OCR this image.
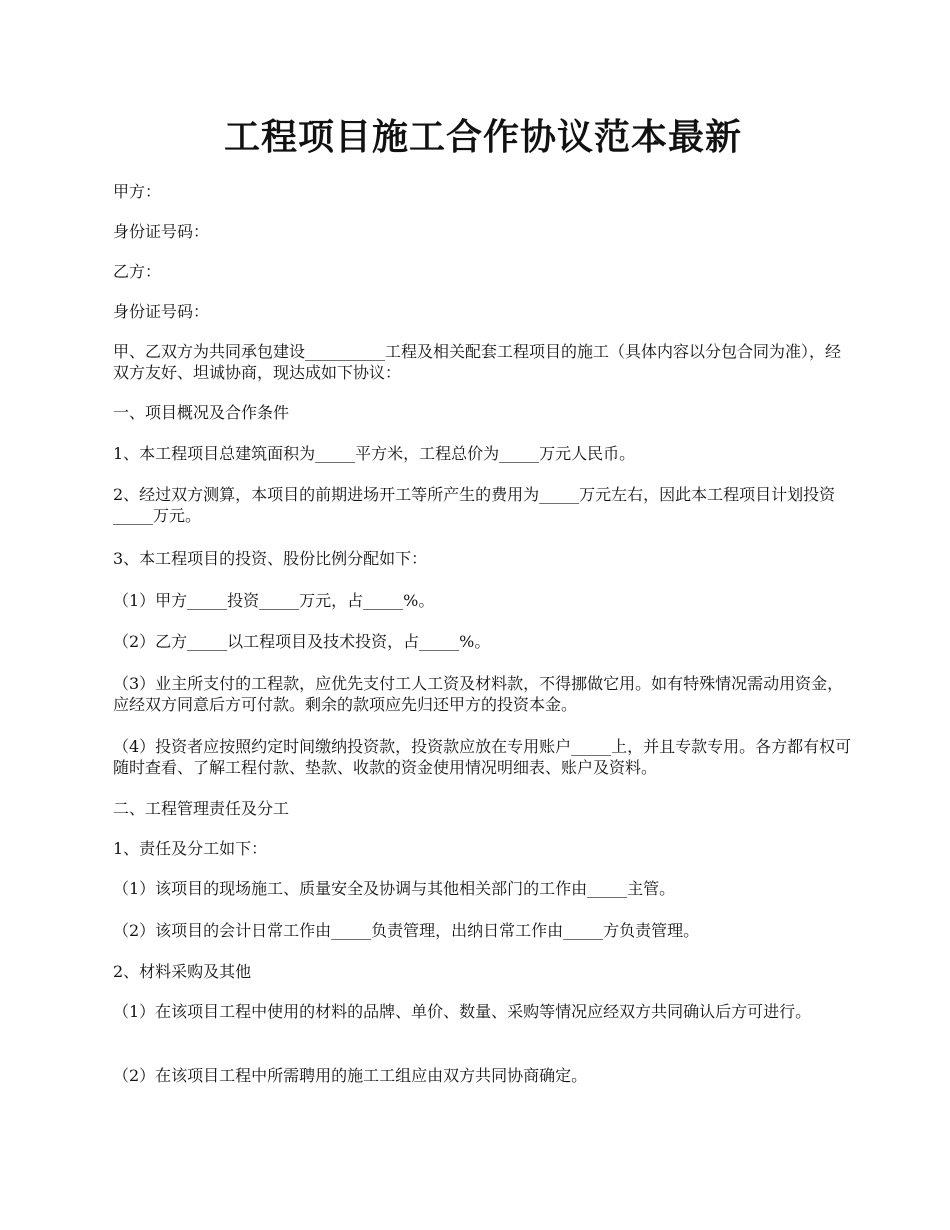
工程项目施工合作协议范本最新
甲方：
身份证号码：
乙方：
身份证号码：
甲、乙双方为共同承包建设__________工程及相关配套工程项目的施工（具体内容以分包合同为准），经双方友好、坦诚协商，现达成如下协议：
一、项目概况及合作条件
1、本工程项目总建筑面积为_____平方米，工程总价为_____万元人民币。
2、经过双方测算，本项目的前期进场开工等所产生的费用为_____万元左右，因此本工程项目计划投资_____万元。
3、本工程项目的投资、股份比例分配如下：
（1）甲方_____投资_____万元，占_____%。
（2）乙方_____以工程项目及技术投资，占_____%。
（3）业主所支付的工程款，应优先支付工人工资及材料款，不得挪做它用。如有特殊情况需动用资金，应经双方同意后方可付款。剩余的款项应先归还甲方的投资本金。
（4）投资者应按照约定时间缴纳投资款，投资款应放在专用账户_____上，并且专款专用。各方都有权可随时查看、了解工程付款、垫款、收款的资金使用情况明细表、账户及资料。
二、工程管理责任及分工
1、责任及分工如下：
（1）该项目的现场施工、质量安全及协调与其他相关部门的工作由_____主管。
（2）该项目的会计日常工作由_____负责管理，出纳日常工作由_____方负责管理。
2、材料采购及其他
（1）在该项目工程中使用的材料的品牌、单价、数量、采购等情况应经双方共同确认后方可进行。
（2）在该项目工程中所需聘用的施工工组应由双方共同协商确定。
